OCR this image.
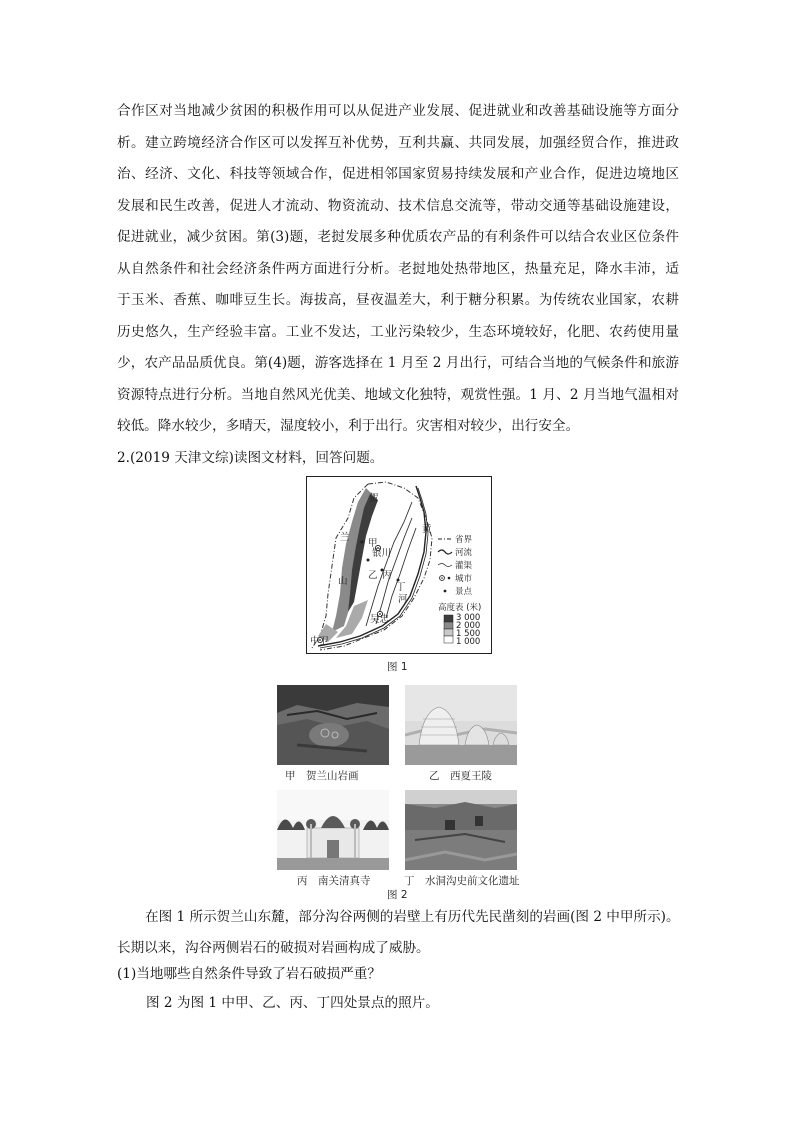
合作区对当地减少贫困的积极作用可以从促进产业发展、促进就业和改善基础设施等方面分
析。建立跨境经济合作区可以发挥互补优势，互利共赢、共同发展，加强经贸合作，推进政
治、经济、文化、科技等领域合作，促进相邻国家贸易持续发展和产业合作，促进边境地区
发展和民生改善，促进人才流动、物资流动、技术信息交流等，带动交通等基础设施建设，
促进就业，减少贫困。第(3)题，老挝发展多种优质农产品的有利条件可以结合农业区位条件
从自然条件和社会经济条件两方面进行分析。老挝地处热带地区，热量充足，降水丰沛，适
于玉米、香蕉、咖啡豆生长。海拔高，昼夜温差大，利于糖分积累。为传统农业国家，农耕
历史悠久，生产经验丰富。工业不发达，工业污染较少，生态环境较好，化肥、农药使用量
少，农产品品质优良。第(4)题，游客选择在 1 月至 2 月出行，可结合当地的气候条件和旅游
资源特点进行分析。当地自然风光优美、地域文化独特，观赏性强。1 月、2 月当地气温相对
较低。降水较少，多晴天，湿度较小，利于出行。灾害相对较少，出行安全。
2.(2019 天津文综)读图文材料，回答问题。
贺
兰
山
甲
乙 丙
丁
银川
黄
河
吴忠
中卫
省界
河流
灌渠
城市
景点
高度表 (米)
3 000
2 000
1 500
1 000
图 1
甲　 贺兰山岩画	乙　 西夏王陵
丙　 南关清真寺	丁　 水洞沟史前文化遗址
图 2
在图 1 所示贺兰山东麓，部分沟谷两侧的岩壁上有历代先民凿刻的岩画(图 2 中甲所示)。
长期以来，沟谷两侧岩石的破损对岩画构成了威胁。
(1)当地哪些自然条件导致了岩石破损严重？
图 2 为图 1 中甲、乙、丙、丁四处景点的照片。
